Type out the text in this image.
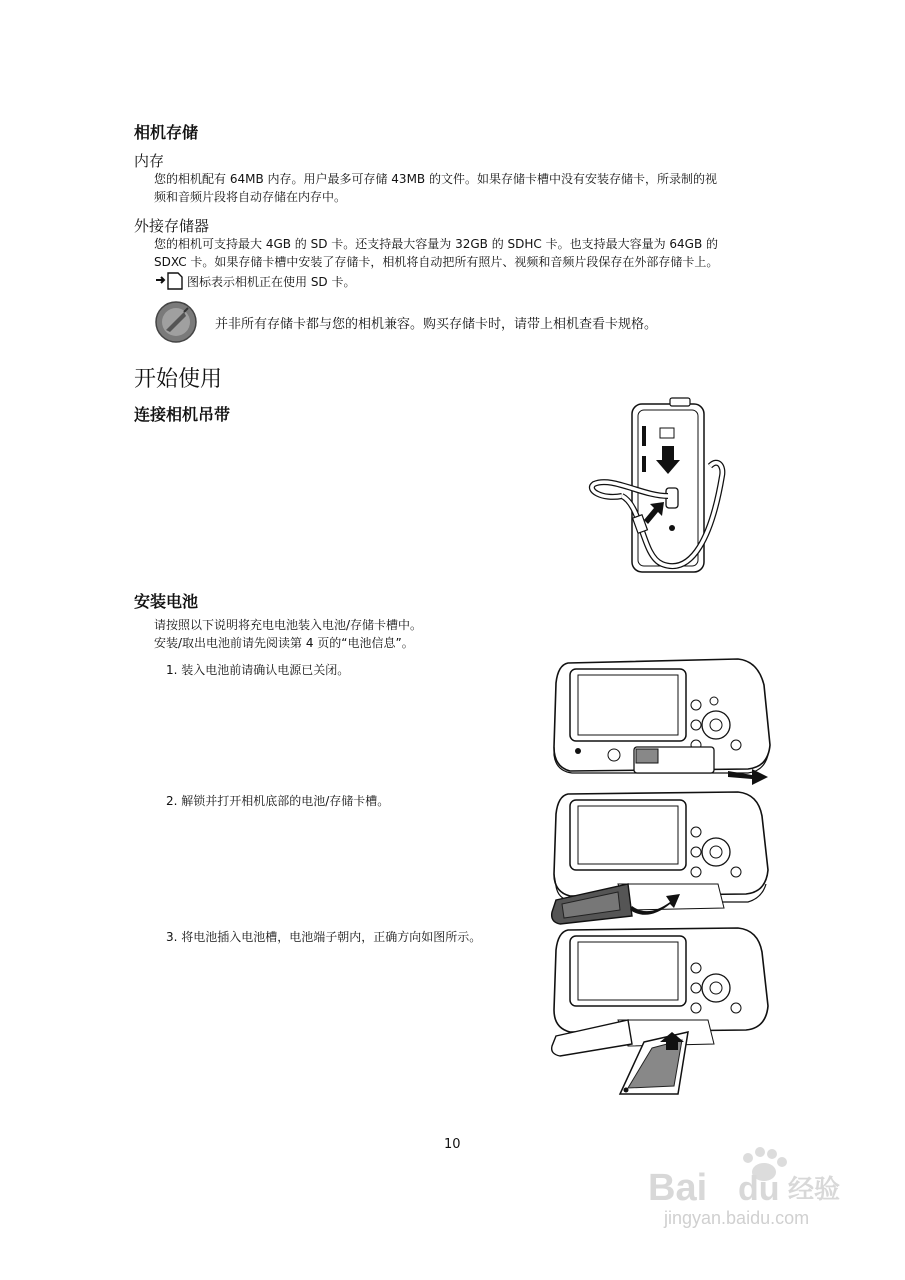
相机存储
内存
您的相机配有 64MB 内存。用户最多可存储 43MB 的文件。如果存储卡槽中没有安装存储卡，所录制的视
频和音频片段将自动存储在内存中。
外接存储器
您的相机可支持最大 4GB 的 SD 卡。还支持最大容量为 32GB 的 SDHC 卡。也支持最大容量为 64GB 的
SDXC 卡。如果存储卡槽中安装了存储卡，相机将自动把所有照片、视频和音频片段保存在外部存储卡上。
图标表示相机正在使用 SD 卡。
并非所有存储卡都与您的相机兼容。购买存储卡时，请带上相机查看卡规格。
开始使用
连接相机吊带
安装电池
请按照以下说明将充电电池装入电池/存储卡槽中。
安装/取出电池前请先阅读第 4 页的“电池信息”。
1. 装入电池前请确认电源已关闭。
2. 解锁并打开相机底部的电池/存储卡槽。
3. 将电池插入电池槽，电池端子朝内，正确方向如图所示。
10
Bai du 经验
jingyan.baidu.com
